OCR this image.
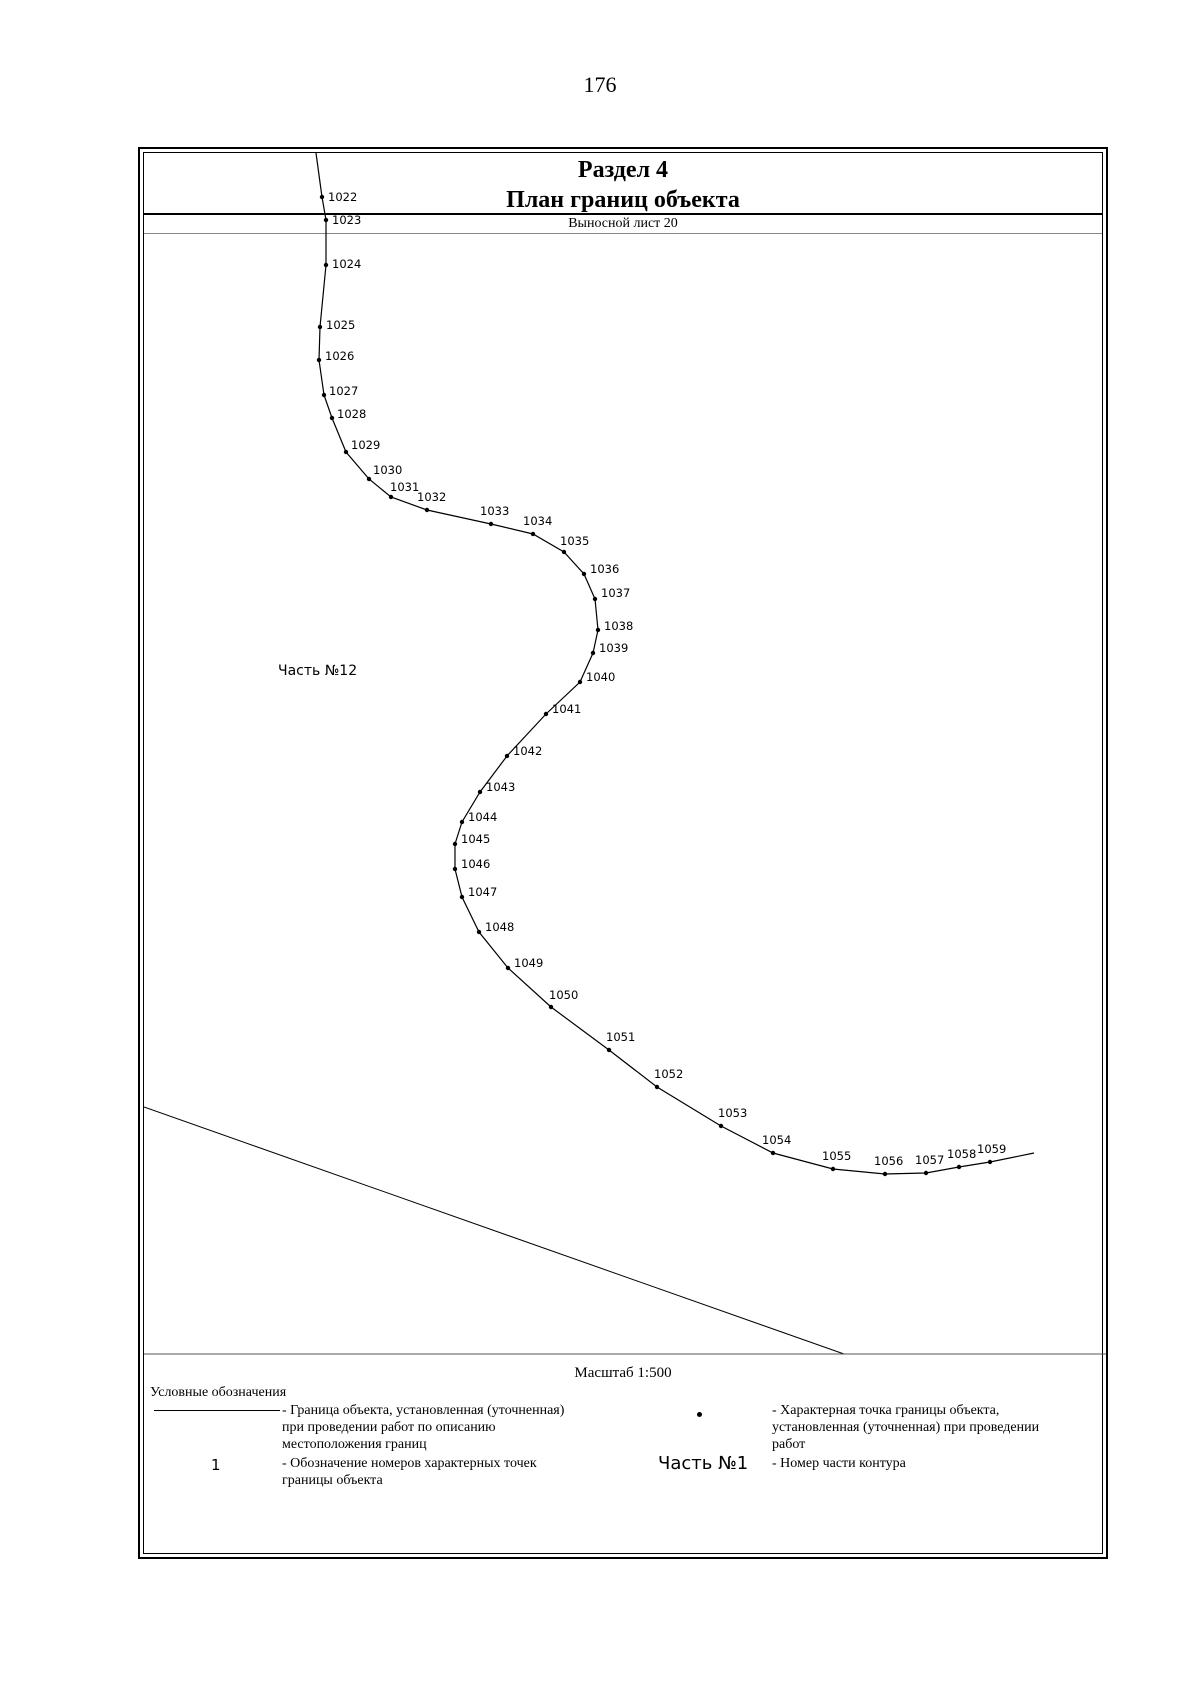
176
Раздел 4
План границ объекта
Выносной лист 20
1022
1023
1024
1025
1026
1027
1028
1029
1030
1031
1032
1033
1034
1035
1036
1037
1038
1039
1040
1041
1042
1043
1044
1045
1046
1047
1048
1049
1050
1051
1052
1053
1054
1055 1056 1057 1058 1059
Часть №12
Масштаб 1:500
Условные обозначения
- Граница объекта, установленная (уточненная) при проведении работ по описанию местоположения границ
- Характерная точка границы объекта, установленная (уточненная) при проведении работ
1	- Обозначение номеров характерных точек границы объекта
Часть №1 - Номер части контура
